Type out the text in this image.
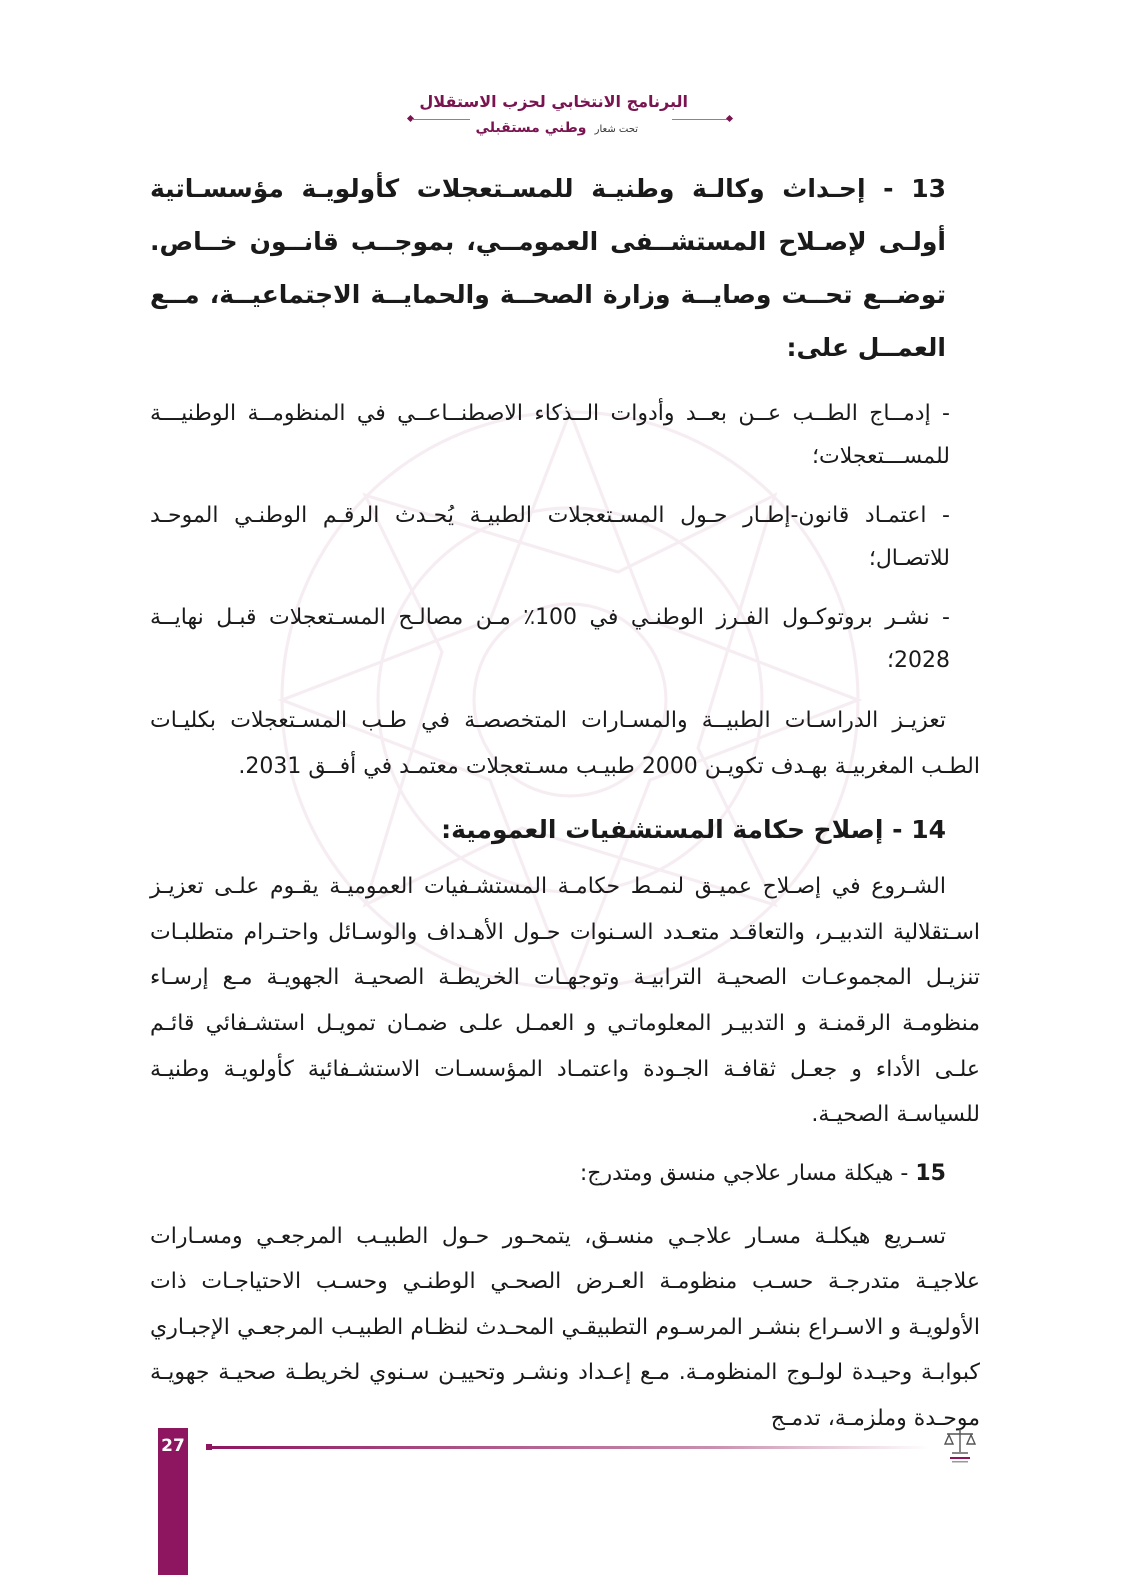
البرنامج الانتخابي لحزب الاستقلال
تحت شعار وطني مستقبلي
13 - إحـداث وكالـة وطنيـة للمسـتعجلات كأولويـة مؤسسـاتية أولـى لإصـلاح المستشــفى العمومــي، بموجــب قانــون خــاص. توضــع تحــت وصايــة وزارة الصحــة والحمايــة الاجتماعيــة، مــع العمــل على:
- إدمــاج الطــب عــن بعــد وأدوات الــذكاء الاصطنــاعــي في المنظومــة الوطنيـــة للمســـتعجلات؛
- اعتمـاد قانون-إطـار حـول المسـتعجلات الطبيـة يُحـدث الرقـم الوطنـي الموحـد للاتصـال؛
- نشـر بروتوكـول الفـرز الوطنـي في 100٪ مـن مصالـح المسـتعجلات قبـل نهايــة 2028؛
تعزيـز الدراسـات الطبيــة والمسـارات المتخصصـة في طـب المسـتعجلات بكليـات الطـب المغربيـة بهـدف تكويـن 2000 طبيـب مسـتعجلات معتمـد في أفــق 2031.
14 - إصلاح حكامة المستشفيات العمومية:
الشـروع في إصـلاح عميـق لنمـط حكامـة المستشـفيات العموميـة يقـوم علـى تعزيـز اسـتقلالية التدبيـر، والتعاقـد متعـدد السـنوات حـول الأهـداف والوسـائل واحتـرام متطلبـات تنزيـل المجموعـات الصحيـة الترابيـة وتوجهـات الخريطـة الصحيـة الجهويـة مـع إرسـاء منظومـة الرقمنـة و التدبيـر المعلوماتـي و العمـل علـى ضمـان تمويـل استشـفائي قائـم علـى الأداء و جعـل ثقافـة الجـودة واعتمـاد المؤسسـات الاستشـفائية كأولويـة وطنيـة للسياسـة الصحيـة.
15 - هيكلة مسار علاجي منسق ومتدرج:
تسـريع هيكلـة مسـار علاجـي منسـق، يتمحـور حـول الطبيـب المرجعـي ومسـارات علاجيـة متدرجـة حسـب منظومـة العـرض الصحـي الوطنـي وحسـب الاحتياجـات ذات الأولويـة و الاسـراع بنشـر المرسـوم التطبيقـي المحـدث لنظـام الطبيـب المرجعـي الإجبـاري كبوابـة وحيـدة لولـوج المنظومـة. مـع إعـداد ونشـر وتحييـن سـنوي لخريطـة صحيـة جهويـة موحـدة وملزمـة، تدمـج
27
